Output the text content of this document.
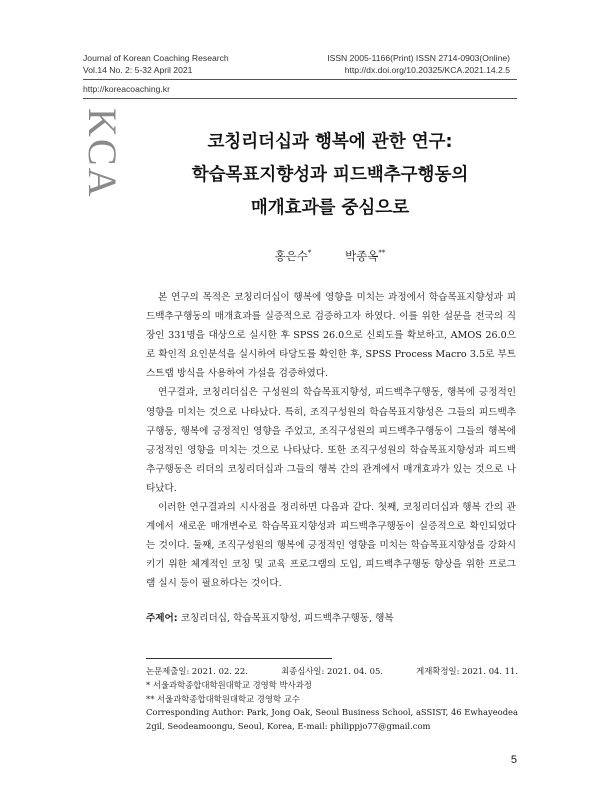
Journal of Korean Coaching Research
Vol.14 No. 2: 5-32 April 2021
ISSN 2005-1166(Print) ISSN 2714-0903(Online)
http://dx.doi.org/10.20325/KCA.2021.14.2.5
http://koreacoaching.kr
KCA	코칭리더십과 행복에 관한 연구:
학습목표지향성과 피드백추구행동의
매개효과를 중심으로
홍은수*	박종옥**

본 연구의 목적은 코칭리더십이 행복에 영향을 미치는 과정에서 학습목표지향성과 피드백추구행동의 매개효과를 실증적으로 검증하고자 하였다. 이를 위한 설문을 전국의 직장인 331명을 대상으로 실시한 후 SPSS 26.0으로 신뢰도를 확보하고, AMOS 26.0으로 확인적 요인분석을 실시하여 타당도를 확인한 후, SPSS Process Macro 3.5로 부트스트랩 방식을 사용하여 가설을 검증하였다.

연구결과, 코칭리더십은 구성원의 학습목표지향성, 피드백추구행동, 행복에 긍정적인 영향을 미치는 것으로 나타났다. 특히, 조직구성원의 학습목표지향성은 그들의 피드백추구행동, 행복에 긍정적인 영향을 주었고, 조직구성원의 피드백추구행동이 그들의 행복에 긍정적인 영향을 미치는 것으로 나타났다. 또한 조직구성원의 학습목표지향성과 피드백추구행동은 리더의 코칭리더십과 그들의 행복 간의 관계에서 매개효과가 있는 것으로 나타났다.

이러한 연구결과의 시사점을 정리하면 다음과 같다. 첫째, 코칭리더십과 행복 간의 관계에서 새로운 매개변수로 학습목표지향성과 피드백추구행동이 실증적으로 확인되었다는 것이다. 둘째, 조직구성원의 행복에 긍정적인 영향을 미치는 학습목표지향성을 강화시키기 위한 체계적인 코칭 및 교육 프로그램의 도입, 피드백추구행동 향상을 위한 프로그램 실시 등이 필요하다는 것이다.

주제어: 코칭리더십, 학습목표지향성, 피드백추구행동, 행복
논문제출일: 2021. 02. 22.	최종심사일: 2021. 04. 05.	게재확정일: 2021. 04. 11.
* 서울과학종합대학원대학교 경영학 박사과정
** 서울과학종합대학원대학교 경영학 교수
Corresponding Author: Park, Jong Oak, Seoul Business School, aSSIST, 46 Ewhayeodea 2gil, Seodeamoongu, Seoul, Korea, E-mail: philippjo77@gmail.com
5
